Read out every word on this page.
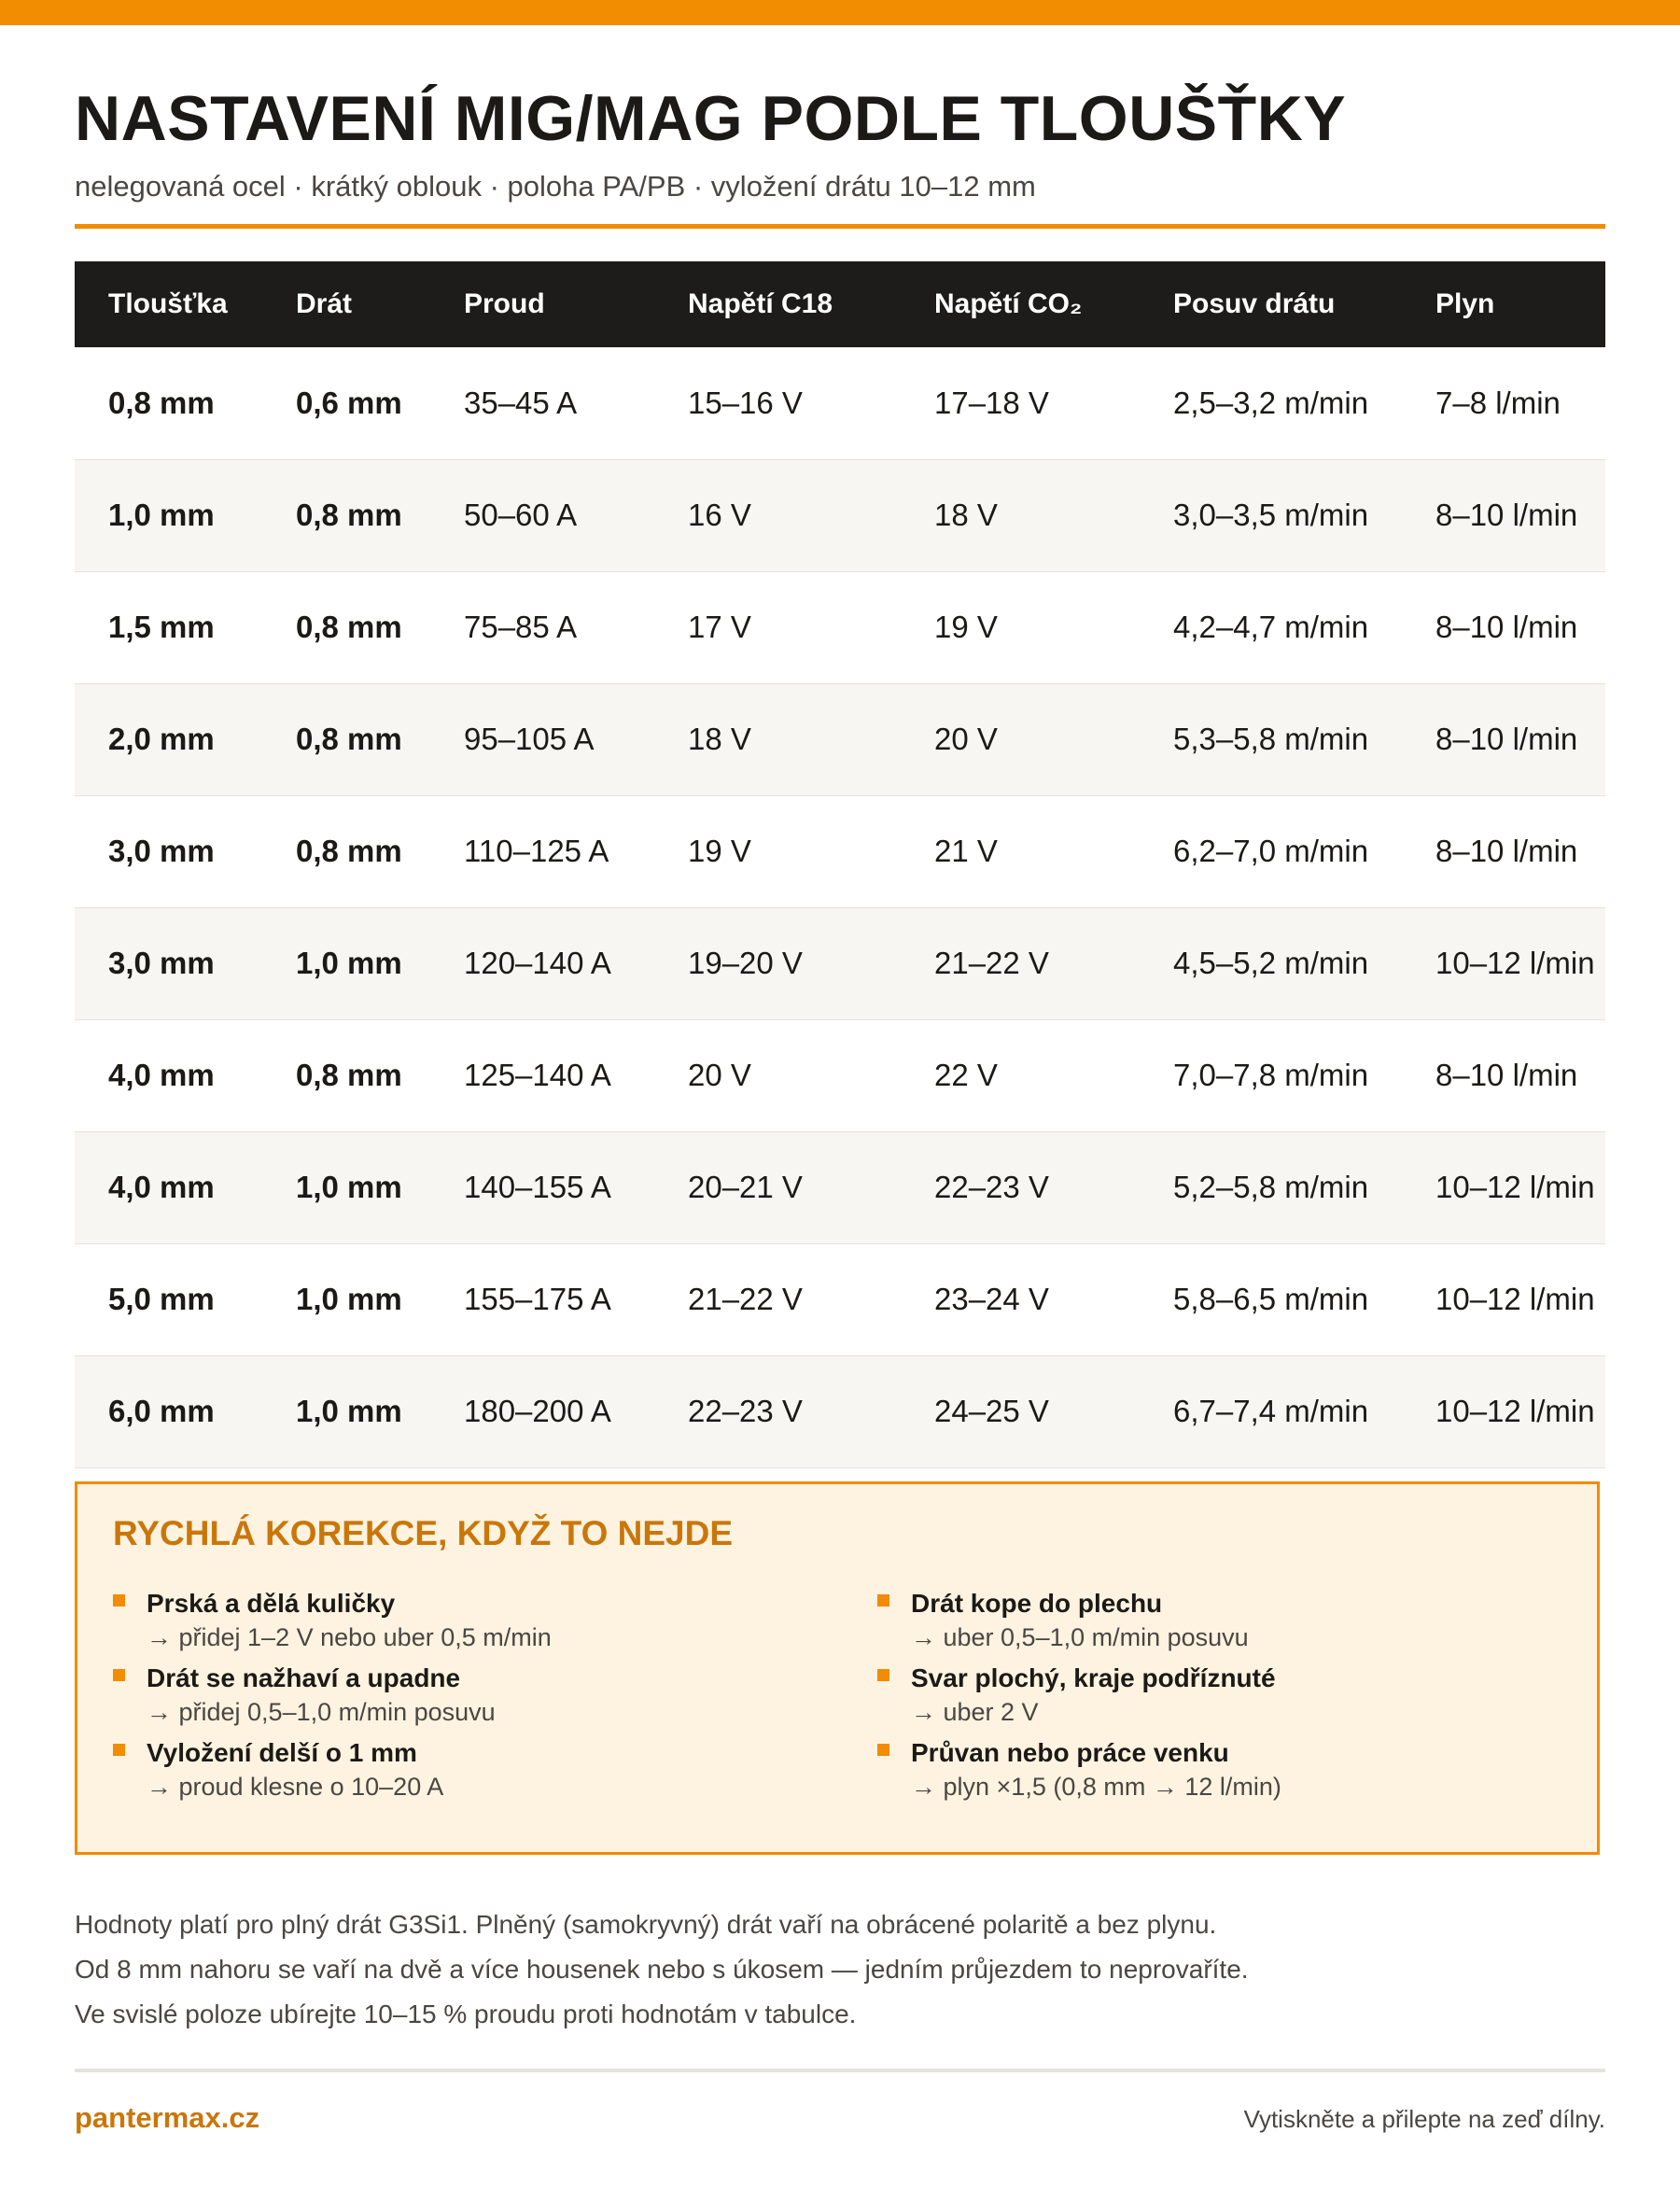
NASTAVENÍ MIG/MAG PODLE TLOUŠŤKY
nelegovaná ocel · krátký oblouk · poloha PA/PB · vyložení drátu 10–12 mm
Tloušťka	Drát	Proud	Napětí C18	Napětí CO₂	Posuv drátu	Plyn
0,8 mm	0,6 mm	35–45 A	15–16 V	17–18 V	2,5–3,2 m/min	7–8 l/min
1,0 mm	0,8 mm	50–60 A	16 V	18 V	3,0–3,5 m/min	8–10 l/min
1,5 mm	0,8 mm	75–85 A	17 V	19 V	4,2–4,7 m/min	8–10 l/min
2,0 mm	0,8 mm	95–105 A	18 V	20 V	5,3–5,8 m/min	8–10 l/min
3,0 mm	0,8 mm	110–125 A	19 V	21 V	6,2–7,0 m/min	8–10 l/min
3,0 mm	1,0 mm	120–140 A	19–20 V	21–22 V	4,5–5,2 m/min	10–12 l/min
4,0 mm	0,8 mm	125–140 A	20 V	22 V	7,0–7,8 m/min	8–10 l/min
4,0 mm	1,0 mm	140–155 A	20–21 V	22–23 V	5,2–5,8 m/min	10–12 l/min
5,0 mm	1,0 mm	155–175 A	21–22 V	23–24 V	5,8–6,5 m/min	10–12 l/min
6,0 mm	1,0 mm	180–200 A	22–23 V	24–25 V	6,7–7,4 m/min	10–12 l/min
RYCHLÁ KOREKCE, KDYŽ TO NEJDE
Prská a dělá kuličky
→ přidej 1–2 V nebo uber 0,5 m/min
Drát se nažhaví a upadne
→ přidej 0,5–1,0 m/min posuvu
Vyložení delší o 1 mm
→ proud klesne o 10–20 A
Drát kope do plechu
→ uber 0,5–1,0 m/min posuvu
Svar plochý, kraje podříznuté
→ uber 2 V
Průvan nebo práce venku
→ plyn ×1,5 (0,8 mm → 12 l/min)

Hodnoty platí pro plný drát G3Si1. Plněný (samokryvný) drát vaří na obrácené polaritě a bez plynu.

Od 8 mm nahoru se vaří na dvě a více housenek nebo s úkosem — jedním průjezdem to neprovaříte.

Ve svislé poloze ubírejte 10–15 % proudu proti hodnotám v tabulce.

pantermax.cz	Vytiskněte a přilepte na zeď dílny.
